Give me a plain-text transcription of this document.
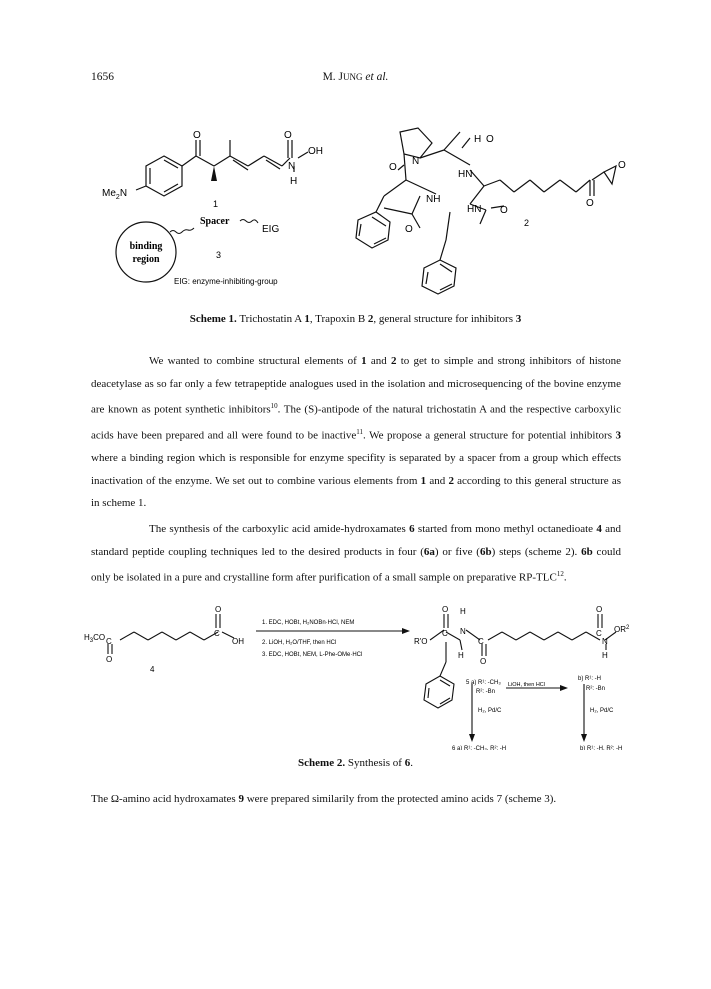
1656	M. JUNG et al.
O	O
N
OH
H
$Me_2N$
1
binding
region
Spacer
EIG
3
EIG: enzyme-inhibiting-group
H O
O
N
HN
NH
HN O
O
O
O
2
Scheme 1. Trichostatin A 1, Trapoxin B 2, general structure for inhibitors 3

We wanted to combine structural elements of 1 and 2 to get to simple and strong inhibitors of histone deacetylase as so far only a few tetrapeptide analogues used in the isolation and microsequencing of the bovine enzyme are known as potent synthetic inhibitors$^{10}$. The (S)-antipode of the natural trichostatin A and the respective carboxylic acids have been prepared and all were found to be inactive$^{11}$. We propose a general structure for potential inhibitors 3 where a binding region which is responsible for enzyme specifity is separated by a spacer from a group which effects inactivation of the enzyme. We set out to combine various elements from 1 and 2 according to this general structure as in scheme 1.

The synthesis of the carboxylic acid amide-hydroxamates 6 started from mono methyl octanedioate 4 and standard peptide coupling techniques led to the desired products in four (6a) or five (6b) steps (scheme 2). 6b could only be isolated in a pure and crystalline form after purification of a small sample on preparative RP-TLC$^{12}$.

$H_3CO$ C
O
O
C
OH
4
1. EDC, HOBt, H₂NOBn·HCl, NEM
2. LiOH, H₂O/THF, then HCl
3. EDC, HOBt, NEM, L-Phe-OMe·HCl
R'O
O
C
H
N
H
C
O
O
C
N
$OR^2$
H
5 a) R¹: -CH₃
R²: -Bn
LiOH, then HCl
b) R¹: -H
R²: -Bn
H₂, Pd/C	H₂, Pd/C
6 a) R¹: -CH₃, R²: -H	b) R¹: -H, R²: -H
Scheme 2. Synthesis of 6.

The Ω-amino acid hydroxamates 9 were prepared similarily from the protected amino acids 7 (scheme 3).
